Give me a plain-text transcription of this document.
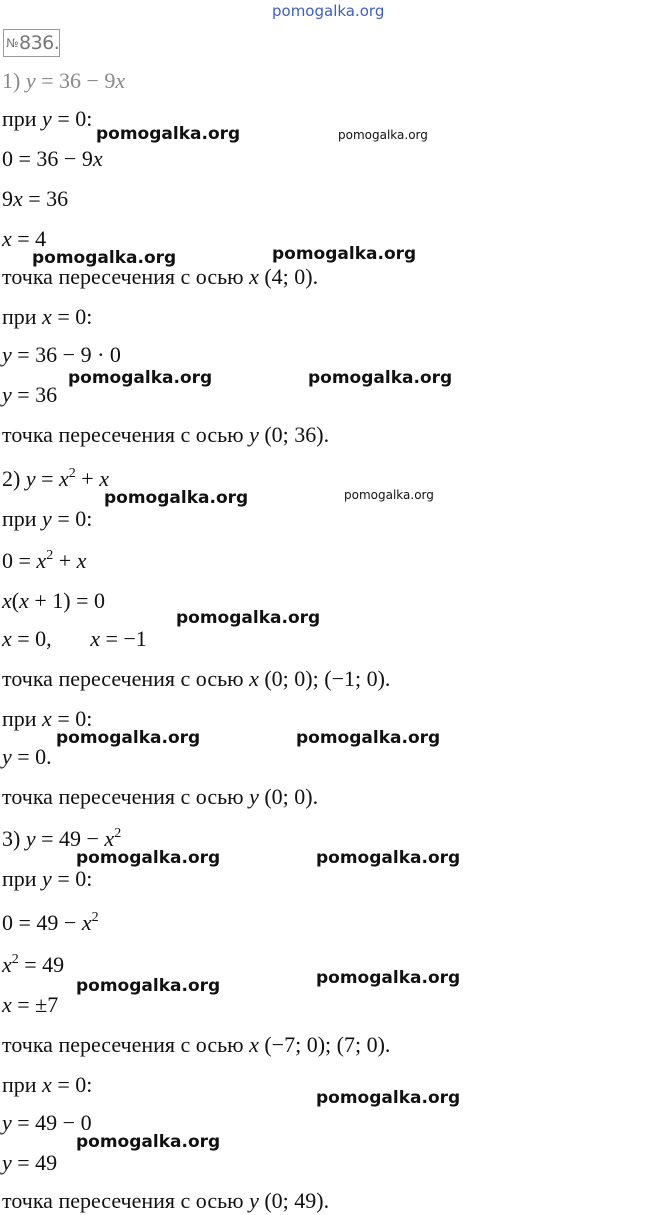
pomogalka.org
№836.
1) y = 36 − 9x
при y = 0:
0 = 36 − 9x
9x = 36
x = 4
точка пересечения с осью x (4; 0).
при x = 0:
y = 36 − 9 · 0
y = 36
точка пересечения с осью y (0; 36).
2) $y = x^2 + x$
при y = 0:
$0 = x^2 + x$
x(x + 1) = 0
x = 0,       x = −1
точка пересечения с осью x (0; 0); (−1; 0).
при x = 0:
y = 0.
точка пересечения с осью y (0; 0).
3) $y = 49 - x^2$
при y = 0:
$0 = 49 - x^2$
$x^2 = 49$
x = ±7
точка пересечения с осью x (−7; 0); (7; 0).
при x = 0:
y = 49 − 0
y = 49
точка пересечения с осью y (0; 49).
pomogalka.org	pomogalka.org
pomogalka.org	pomogalka.org
pomogalka.org	pomogalka.org
pomogalka.org	pomogalka.org
pomogalka.org
pomogalka.org	pomogalka.org
pomogalka.org	pomogalka.org
pomogalka.org	pomogalka.org
pomogalka.org
pomogalka.org
